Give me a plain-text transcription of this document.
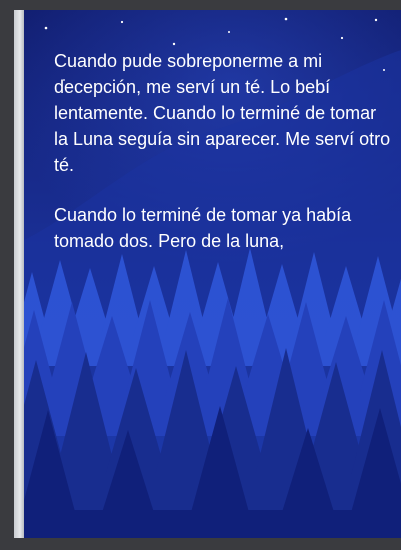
Cuando pude sobreponerme a mi decepción, me serví un té. Lo bebí lentamente. Cuando lo terminé de tomar la Luna seguía sin aparecer. Me serví otro té.

Cuando lo terminé de tomar ya había tomado dos. Pero de la luna,
